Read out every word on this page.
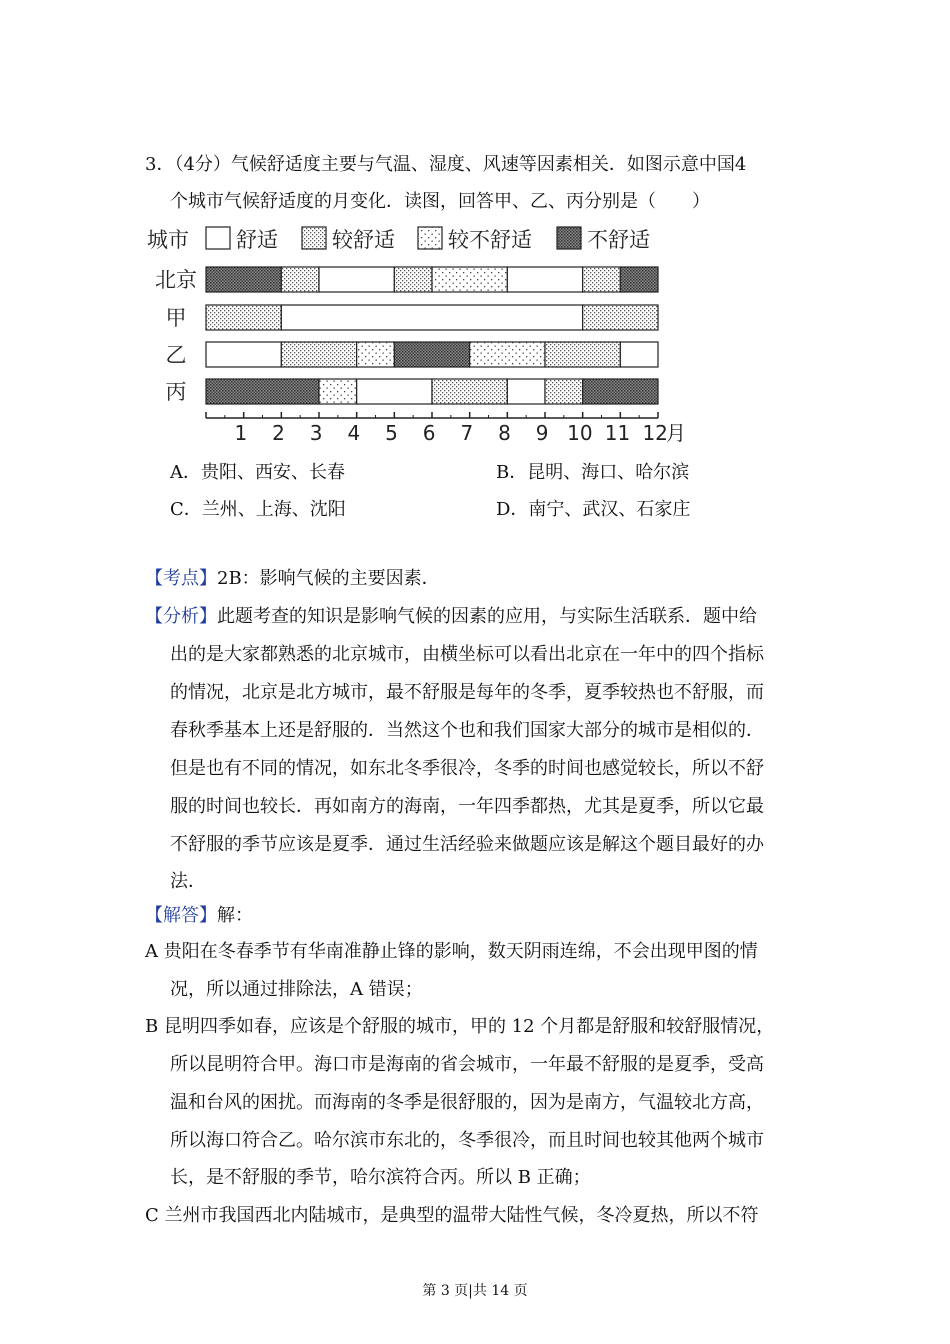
3．（4分）气候舒适度主要与气温、湿度、风速等因素相关．如图示意中国4
个城市气候舒适度的月变化．读图，回答甲、乙、丙分别是（　　）
城市 舒适	较舒适	较不舒适	不舒适
北京
甲
乙
丙
1 2 3 4 5 6 7 8 9 10 11 12
月
A．贵阳、西安、长春	B．昆明、海口、哈尔滨
C．兰州、上海、沈阳	D．南宁、武汉、石家庄
【考点】2B：影响气候的主要因素．
【分析】此题考查的知识是影响气候的因素的应用，与实际生活联系．题中给
出的是大家都熟悉的北京城市，由横坐标可以看出北京在一年中的四个指标
的情况，北京是北方城市，最不舒服是每年的冬季，夏季较热也不舒服，而
春秋季基本上还是舒服的．当然这个也和我们国家大部分的城市是相似的．
但是也有不同的情况，如东北冬季很冷，冬季的时间也感觉较长，所以不舒
服的时间也较长．再如南方的海南，一年四季都热，尤其是夏季，所以它最
不舒服的季节应该是夏季．通过生活经验来做题应该是解这个题目最好的办
法．
【解答】解：
A 贵阳在冬春季节有华南准静止锋的影响，数天阴雨连绵，不会出现甲图的情
况，所以通过排除法，A 错误；
B 昆明四季如春，应该是个舒服的城市，甲的 12 个月都是舒服和较舒服情况，
所以昆明符合甲。海口市是海南的省会城市，一年最不舒服的是夏季，受高
温和台风的困扰。而海南的冬季是很舒服的，因为是南方，气温较北方高，
所以海口符合乙。哈尔滨市东北的，冬季很冷，而且时间也较其他两个城市
长，是不舒服的季节，哈尔滨符合丙。所以 B 正确；
C 兰州市我国西北内陆城市，是典型的温带大陆性气候，冬冷夏热，所以不符
第 3 页|共 14 页
